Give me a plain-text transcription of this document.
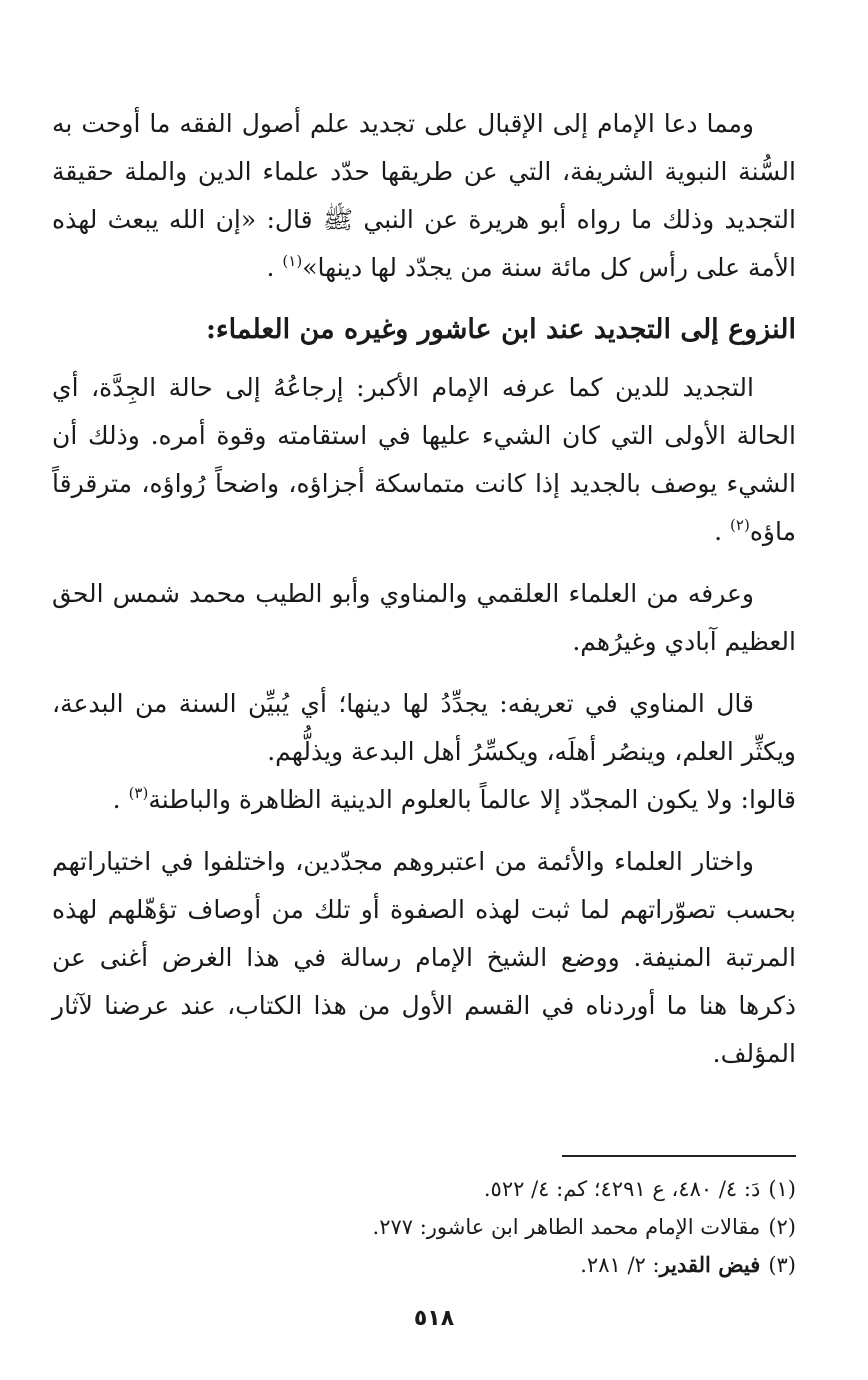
ومما دعا الإمام إلى الإقبال على تجديد علم أصول الفقه ما أوحت به السُّنة النبوية الشريفة، التي عن طريقها حدّد علماء الدين والملة حقيقة التجديد وذلك ما رواه أبو هريرة عن النبي ﷺ قال: «إن الله يبعث لهذه الأمة على رأس كل مائة سنة من يجدّد لها دينها»$^{(١)}$ .

النزوع إلى التجديد عند ابن عاشور وغيره من العلماء:

التجديد للدين كما عرفه الإمام الأكبر: إرجاعُهُ إلى حالة الجِدَّة، أي الحالة الأولى التي كان الشيء عليها في استقامته وقوة أمره. وذلك أن الشيء يوصف بالجديد إذا كانت متماسكة أجزاؤه، واضحاً رُواؤه، مترقرقاً ماؤه$^{(٢)}$ .

وعرفه من العلماء العلقمي والمناوي وأبو الطيب محمد شمس الحق العظيم آبادي وغيرُهم.

قال المناوي في تعريفه: يجدِّدُ لها دينها؛ أي يُبيِّن السنة من البدعة، ويكثِّر العلم، وينصُر أهلَه، ويكسِّرُ أهل البدعة ويذلُّهم.

قالوا: ولا يكون المجدّد إلا عالماً بالعلوم الدينية الظاهرة والباطنة$^{(٣)}$ .

واختار العلماء والأئمة من اعتبروهم مجدّدين، واختلفوا في اختياراتهم بحسب تصوّراتهم لما ثبت لهذه الصفوة أو تلك من أوصاف تؤهّلهم لهذه المرتبة المنيفة. ووضع الشيخ الإمام رسالة في هذا الغرض أغنى عن ذكرها هنا ما أوردناه في القسم الأول من هذا الكتاب، عند عرضنا لآثار المؤلف.

(١)دَ: ٤/ ٤٨٠، ع ٤٢٩١؛ كم: ٤/ ٥٢٢.

(٢)مقالات الإمام محمد الطاهر ابن عاشور: ٢٧٧.

(٣)فيض القدير: ٢/ ٢٨١.

٥١٨
